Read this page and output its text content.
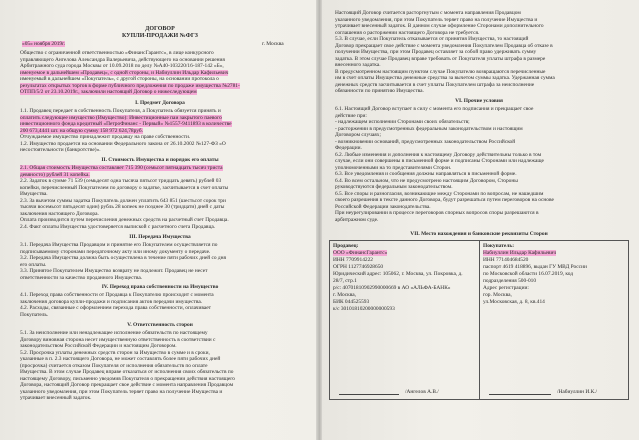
ДОГОВОР
КУПЛИ-ПРОДАЖИ №ФГЗ
«05» ноября 2019г.	г. Москва
Общество с ограниченной ответственностью «ФинансГарантс», в лице конкурсного
управляющего Ангелова Александра Валерьевича, действующего на основании решения
Арбитражного суда города Москвы от 10.09.2018 по делу №А40-103220/16-187-142 «Б»,
именуемое в дальнейшем «Продавец», с одной стороны, и Набиуллин Ильдар Кафильевич
именуемый в дальнейшем «Покупатель», с другой стороны, на основании протокола о
результатах открытых торгов в форме публичного предложения по продаже имущества №2781-
ОТПП/5/2 от 23.10.2019г., заключили настоящий Договор о нижеследующем
I. Предмет Договора
1.1. Продавец передает в собственность Покупателя, а Покупатель обязуется принять и
оплатить следующее имущество (Имущество): Инвестиционные паи закрытого паевого
инвестиционного фонда кредитный «ПетроФинанс - Первый» №1557-9411893 в количестве
200 673,4441 шт. на общую сумму 158 972 624,78руб.
Отчуждаемое имущество принадлежит продавцу на праве собственности.
1.2. Имущество продается на основании Федерального закона от 26.10.2002 №127-ФЗ «О
несостоятельности (банкротстве)».
II. Стоимость Имущества и порядок его оплаты
2.1. Общая стоимость Имущества составляет 715 390 (семьсот пятнадцать тысяч триста
девяносто) рублей 31 копейка.
2.2. Задаток в сумме 71 539 (семьдесят одна тысяча пятьсот тридцать девять) рублей 03
копейки, перечисленный Покупателем по договору о задатке, засчитывается в счет оплаты
Имущества.
2.3. За вычетом суммы задатка Покупатель должен уплатить 643 851 (шестьсот сорок три
тысячи восемьсот пятьдесят один) рубль 28 копеек не позднее 30 (тридцати) дней с даты
заключения настоящего Договора.
Оплата производится путем перечисления денежных средств на расчетный счет Продавца.
2.4. Факт оплаты Имущества удостоверяется выпиской с расчетного счета Продавца.
III. Передача Имущества
3.1. Передача Имущества Продавцом и принятие его Покупателем осуществляется по
подписываемому сторонами передаточному акту или иному документу о передаче.
3.2. Передача Имущества должна быть осуществлена в течение пяти рабочих дней со дня
его оплаты.
3.3. Принятое Покупателем Имущество возврату не подлежит. Продавец не несет
ответственности за качество проданного Имущества.
IV. Переход права собственности на Имущество
4.1. Переход права собственности от Продавца к Покупателю происходит с момента
заключения договора купли-продажи и подписания актов передачи имущества.
4.2. Расходы, связанные с оформлением перехода права собственности, оплачивает
Покупатель.
V. Ответственность сторон
5.1. За неисполнение или ненадлежащее исполнение обязательств по настоящему
Договору виновная сторона несет имущественную ответственность в соответствии с
законодательством Российской Федерации и настоящим Договором.
5.2. Просрочка уплаты денежных средств сторон за Имущество в сумме и в сроки,
указанные в п. 2.3 настоящего Договора, не может составлять более пяти рабочих дней
(просрочка) считается отказом Покупателя от исполнения обязательств по оплате
Имущества. В этом случае Продавец вправе отказаться от исполнения своих обязательств по
настоящему Договору, письменно уведомив Покупателя о прекращении действия настоящего
Договора, настоящий Договор прекращает свое действие с момента направления Продавцом
указанного уведомления, при этом Покупатель теряет право на получение Имущества и
утрачивает внесенный задаток.
Настоящий Договор считается расторгнутым с момента направления Продавцом
указанного уведомления, при этом Покупатель теряет право на получение Имущества и
утрачивает внесенный задаток. В данном случае оформление Сторонами дополнительного
соглашения о расторжении настоящего Договора не требуется.
5.3. В случае, если Покупатель отказывается от принятия Имущества, то настоящий
Договор прекращает свое действие с момента уведомления Покупателем Продавца об отказе в
получении Имущества, при этом Продавец оставляет за собой право удерживать сумму
задатка. В этом случае Продавец вправе требовать от Покупателя уплаты штрафа в размере
внесенного задатка.
В предусмотренном настоящим пунктом случае Покупателю возвращаются перечисленные
им в счет оплаты Имущества денежные средства за вычетом суммы задатка. Удержанная сумма
денежных средств засчитывается в счет уплаты Покупателем штрафа за неисполнение
обязанности по принятию Имущества.
VI. Прочие условия
6.1. Настоящий Договор вступает в силу с момента его подписания и прекращает свое
действие при:
- надлежащем исполнении Сторонами своих обязательств;
- расторжении в предусмотренных федеральным законодательством и настоящим
Договором случаях;
- возникновении оснований, предусмотренных законодательством Российской
Федерации.
6.2. Любые изменения и дополнения к настоящему Договору действительны только в том
случае, если они совершены в письменной форме и подписаны Сторонами или надлежаще
уполномоченными на то представителями Сторон.
6.3. Все уведомления и сообщения должны направляться в письменной форме.
6.4. Во всем остальном, что не предусмотрено настоящим Договором, Стороны
руководствуются федеральным законодательством.
6.5. Все споры и разногласия, возникающие между Сторонами по вопросам, не нашедшим
своего разрешения в тексте данного Договора, будут разрешаться путем переговоров на основе
Российской Федерации законодательства.
При неурегулировании в процессе переговоров спорных вопросов споры разрешаются в
арбитражном суде.
VII. Место нахождения и банковские реквизиты Сторон
Продавец:
ООО «ФинансГарантс»
ИНН 7709914222
ОГРН 1127746928650
Юридический адрес: 105062, г. Москва, ул. Покровка, д.
28/7, стр.1
р/с: 40701810902990000669 в АО «АЛЬФА-БАНК»
г. Москва,
БИК 044525593
к/с 30101810200000000593
/Ангелов А.В./
Покупатель:
Набиуллин Ильдар Кафильевич
ИНН 771404684520
паспорт 4619 418896, выдан ГУ МВД России
по Московской области 16.07.2019, код
подразделения 500-010
Адрес регистрации:
гор. Москва,
ул.Московская, д. 8, кв.414
/Набиуллин И.К./
